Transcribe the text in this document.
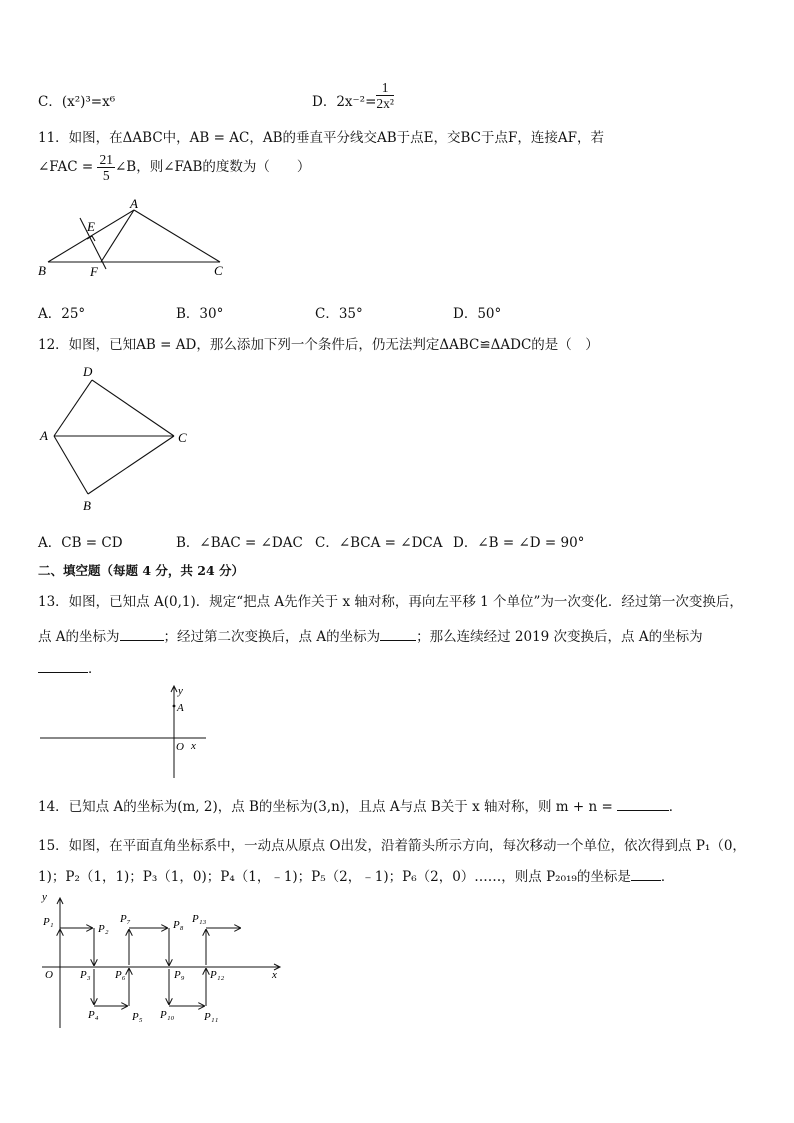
C．(x²)³=x⁶	D．$2x^{-2}= \frac{1}{\text{2x²}}$
11．如图，在ΔABC中，AB = AC，AB的垂直平分线交AB于点E，交BC于点F，连接AF，若
∠FAC = $\frac{21}{5}$ ∠B，则∠FAB的度数为（　　）
A
B	C
E
F
A．25°	B．30°	C．35°	D．50°
12．如图，已知AB = AD，那么添加下列一个条件后，仍无法判定ΔABC≌ΔADC的是（　）
D
A	C
B
A．CB = CD	B．∠BAC = ∠DAC C．∠BCA = ∠DCA D．∠B = ∠D = 90°
二、填空题（每题 4 分，共 24 分）
13．如图，已知点 A(0,1)．规定“把点 A先作关于 x 轴对称，再向左平移 1 个单位”为一次变化．经过第一次变换后，
点 A的坐标为	；经过第二次变换后，点 A的坐标为	；那么连续经过 2019 次变换后，点 A的坐标为
．
y
A
O x
14．已知点 A的坐标为(m, 2)，点 B的坐标为(3,n)，且点 A与点 B关于 x 轴对称，则 m + n =	．
15．如图，在平面直角坐标系中，一动点从原点 O出发，沿着箭头所示方向，每次移动一个单位，依次得到点 P₁（0，
1)；P₂（1，1)；P₃（1，0)；P₄（1，﹣1)；P₅（2，﹣1)；P₆（2，0）……，则点 P₂₀₁₉的坐标是 ．
y
x
O
P₁
P₂
P₃
P₄	P₅
P₆
P₇	P₈
P₉
P₁₀	P₁₁
P₁₂
P₁₃
